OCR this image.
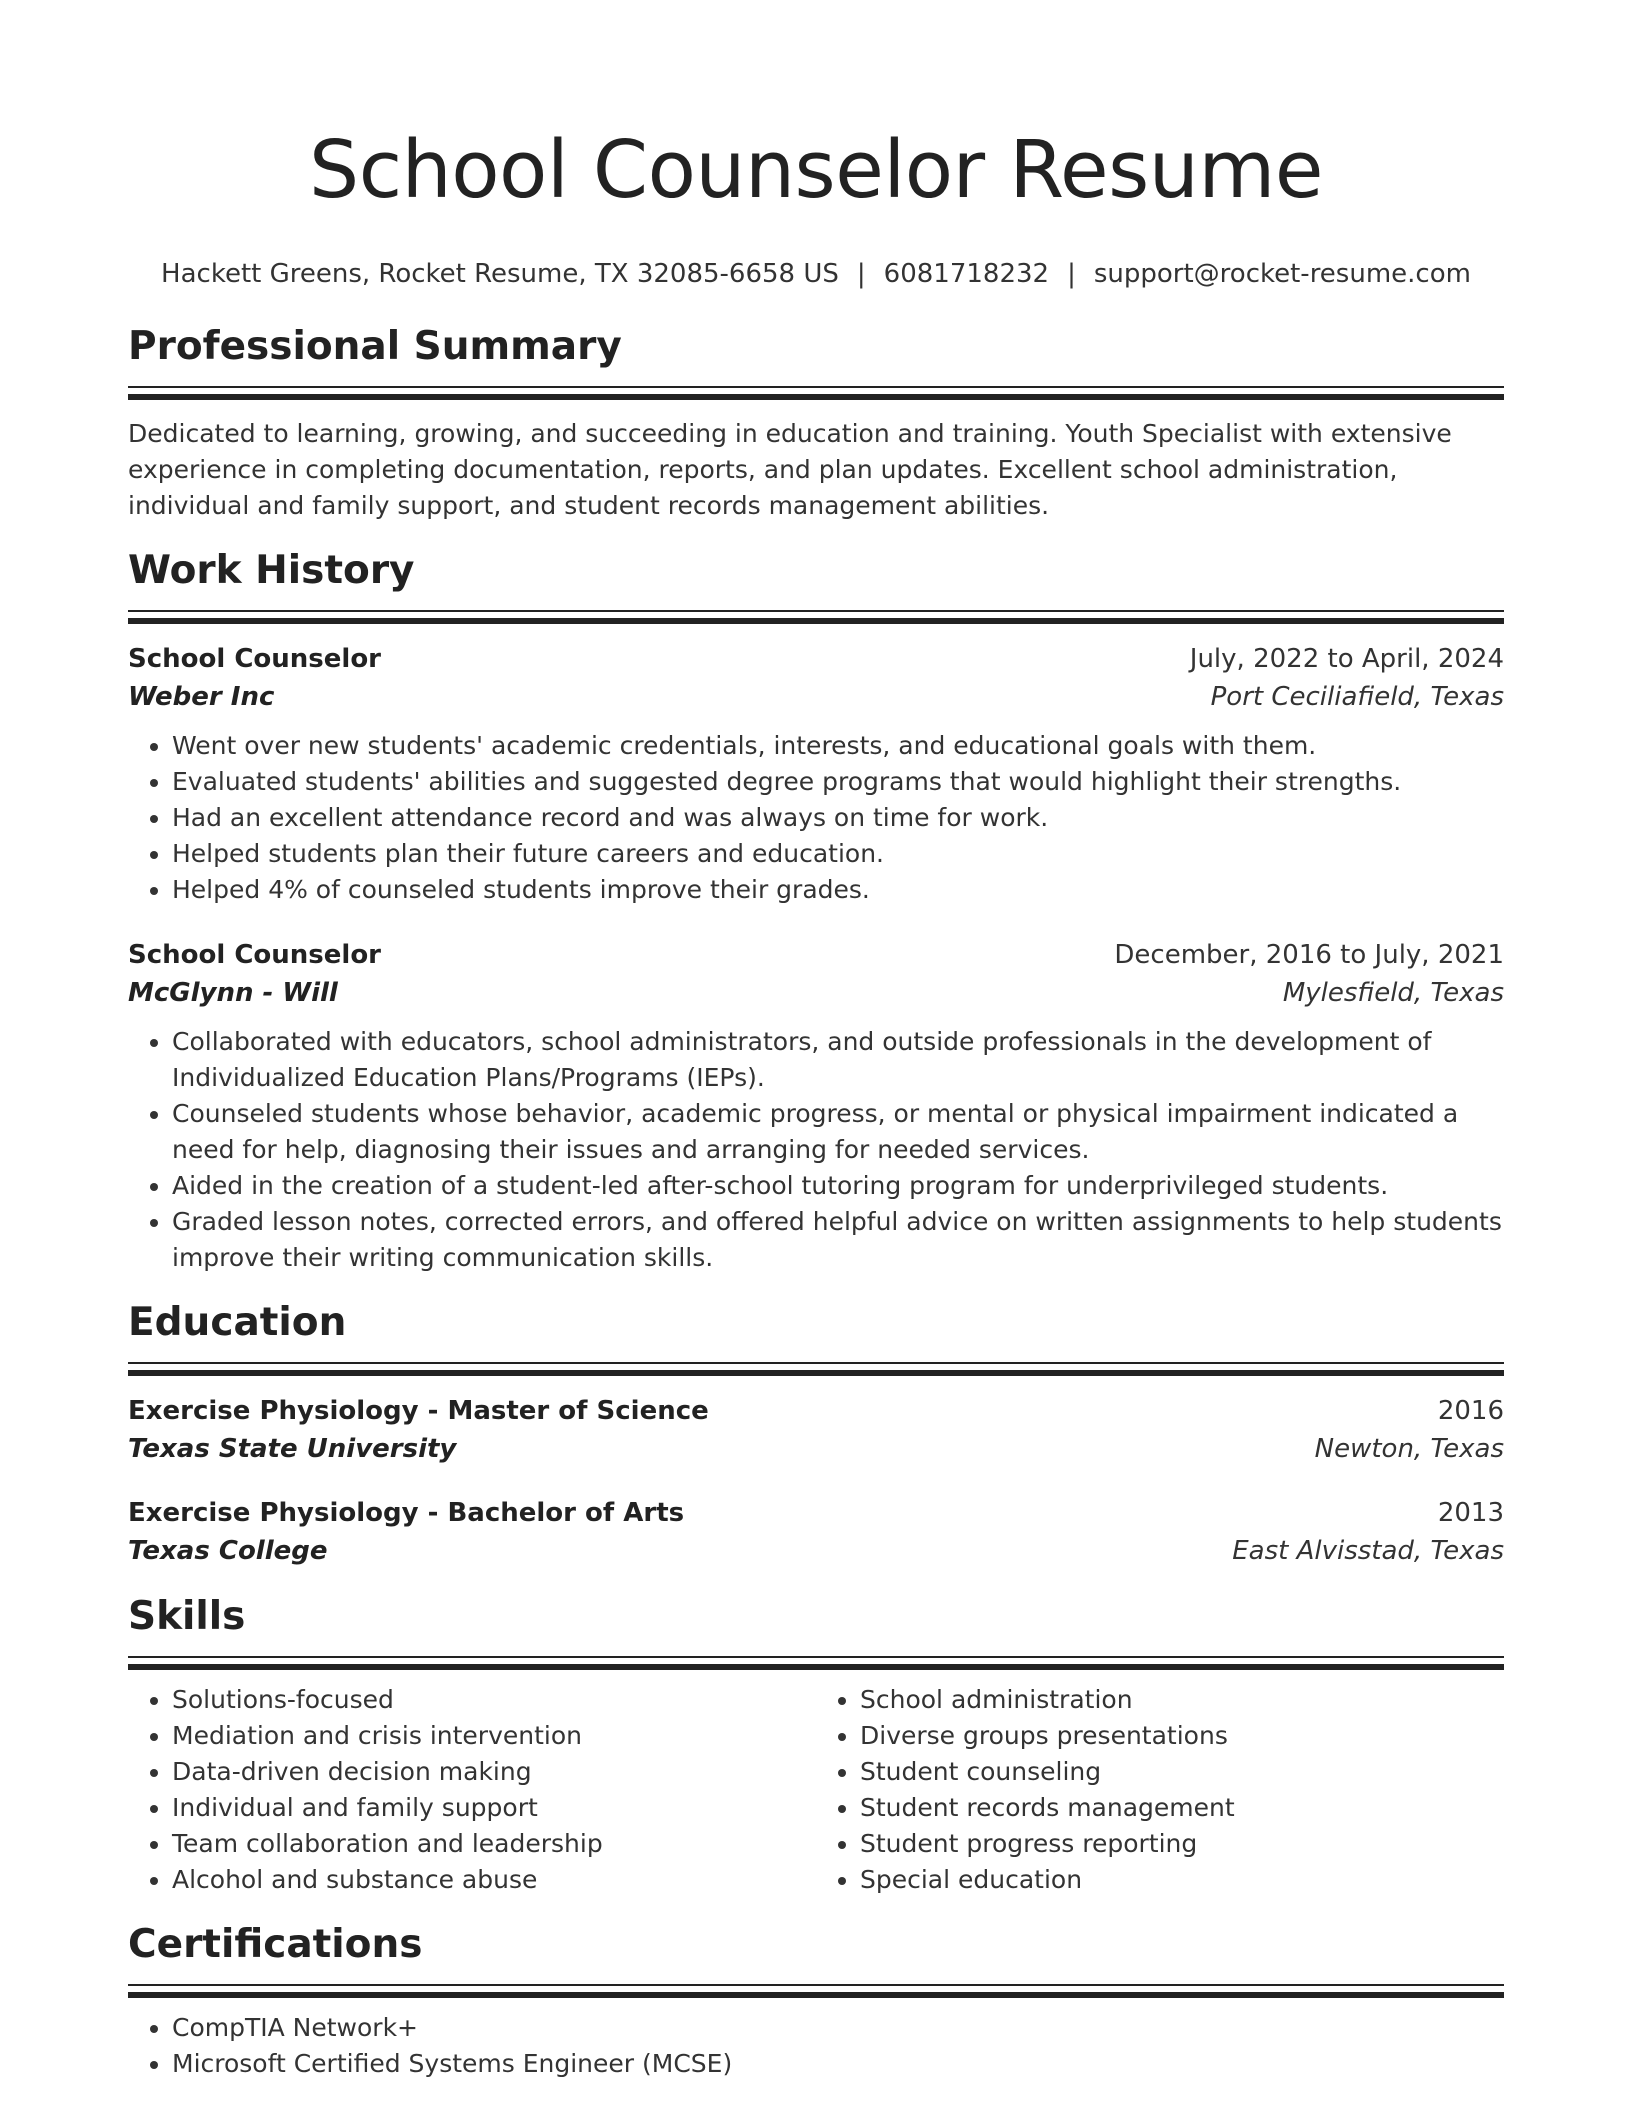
School Counselor Resume
Hackett Greens, Rocket Resume, TX 32085-6658 US | 6081718232 | support@rocket-resume.com
Professional Summary
Dedicated to learning, growing, and succeeding in education and training. Youth Specialist with extensive experience in completing documentation, reports, and plan updates. Excellent school administration, individual and family support, and student records management abilities.
Work History
School Counselor	July, 2022 to April, 2024
Weber Inc	Port Ceciliafield, Texas
• Went over new students' academic credentials, interests, and educational goals with them.
• Evaluated students' abilities and suggested degree programs that would highlight their strengths.
• Had an excellent attendance record and was always on time for work.
• Helped students plan their future careers and education.
• Helped 4% of counseled students improve their grades.
School Counselor	December, 2016 to July, 2021
McGlynn - Will	Mylesfield, Texas
• Collaborated with educators, school administrators, and outside professionals in the development of Individualized Education Plans/Programs (IEPs).
• Counseled students whose behavior, academic progress, or mental or physical impairment indicated a need for help, diagnosing their issues and arranging for needed services.
• Aided in the creation of a student-led after-school tutoring program for underprivileged students.
• Graded lesson notes, corrected errors, and offered helpful advice on written assignments to help students improve their writing communication skills.
Education
Exercise Physiology - Master of Science	2016
Texas State University	Newton, Texas
Exercise Physiology - Bachelor of Arts	2013
Texas College	East Alvisstad, Texas
Skills
• Solutions-focused
• Mediation and crisis intervention
• Data-driven decision making
• Individual and family support
• Team collaboration and leadership
• Alcohol and substance abuse
• School administration
• Diverse groups presentations
• Student counseling
• Student records management
• Student progress reporting
• Special education
Certifications
• CompTIA Network+
• Microsoft Certified Systems Engineer (MCSE)
